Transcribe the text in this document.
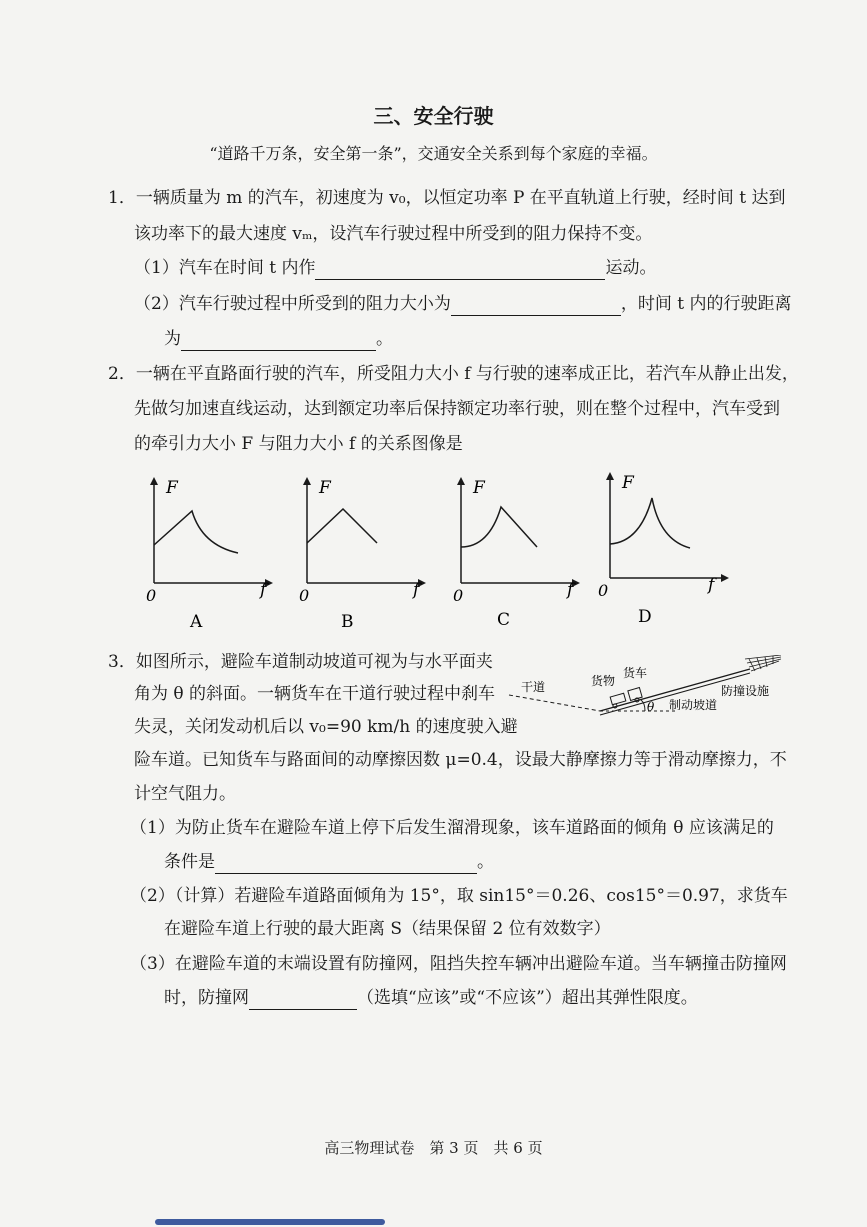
三、安全行驶
“道路千万条，安全第一条”，交通安全关系到每个家庭的幸福。
1．一辆质量为 m 的汽车，初速度为 v₀，以恒定功率 P 在平直轨道上行驶，经时间 t 达到
该功率下的最大速度 vₘ，设汽车行驶过程中所受到的阻力保持不变。
（1）汽车在时间 t 内作	运动。
（2）汽车行驶过程中所受到的阻力大小为	，时间 t 内的行驶距离
为	。
2．一辆在平直路面行驶的汽车，所受阻力大小 f 与行驶的速率成正比，若汽车从静止出发，
先做匀加速直线运动，达到额定功率后保持额定功率行驶，则在整个过程中，汽车受到
的牵引力大小 F 与阻力大小 f 的关系图像是
F
f
0
A
F
f
0
B
F
f
0
C
F
f
0
D
3．如图所示，避险车道制动坡道可视为与水平面夹
角为 θ 的斜面。一辆货车在干道行驶过程中刹车
失灵，关闭发动机后以 v₀=90 km/h 的速度驶入避
险车道。已知货车与路面间的动摩擦因数 μ=0.4，设最大静摩擦力等于滑动摩擦力，不
计空气阻力。
干道	货物
货车
制动坡道
防撞设施
θ
（1）为防止货车在避险车道上停下后发生溜滑现象，该车道路面的倾角 θ 应该满足的
条件是	。
（2）（计算）若避险车道路面倾角为 15°，取 sin15°＝0.26、cos15°＝0.97，求货车
在避险车道上行驶的最大距离 S（结果保留 2 位有效数字）
（3）在避险车道的末端设置有防撞网，阻挡失控车辆冲出避险车道。当车辆撞击防撞网
时，防撞网	（选填“应该”或“不应该”）超出其弹性限度。
高三物理试卷　第 3 页　共 6 页
